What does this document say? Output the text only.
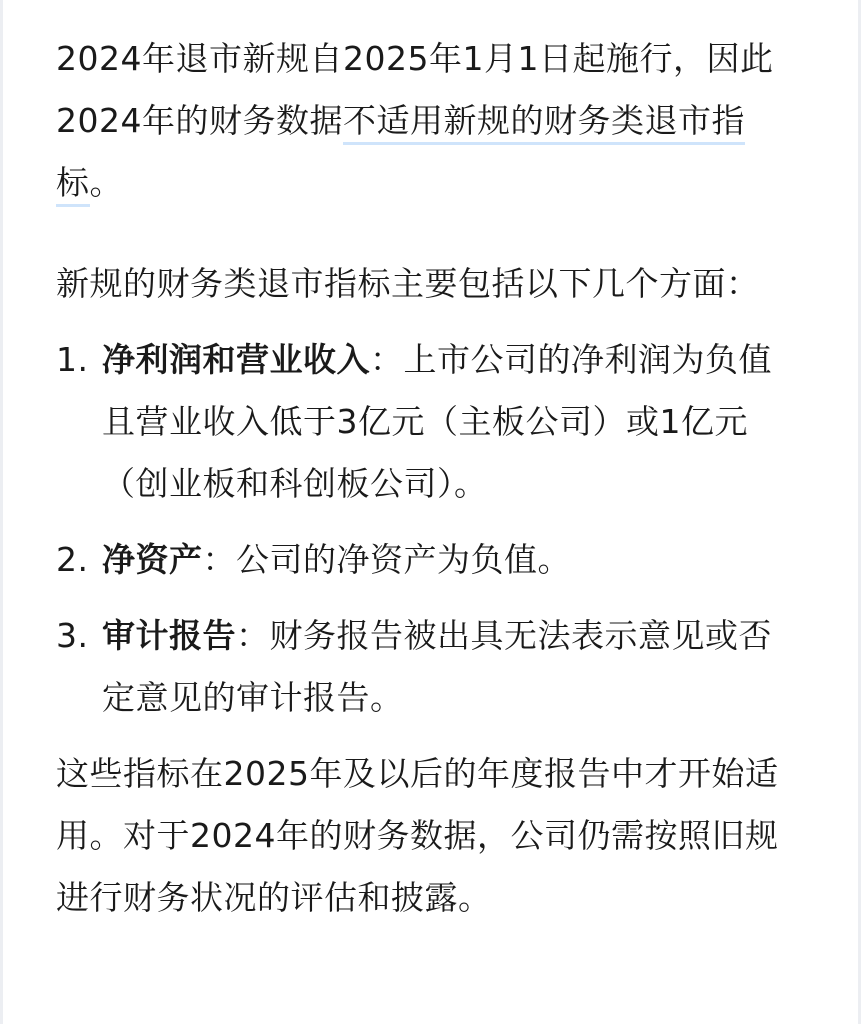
2024年退市新规自2025年1月1日起施行，因此2024年的财务数据不适用新规的财务类退市指标。

新规的财务类退市指标主要包括以下几个方面：

1. 净利润和营业收入：上市公司的净利润为负值且营业收入低于3亿元（主板公司）或1亿元（创业板和科创板公司）。
2. 净资产：公司的净资产为负值。
3. 审计报告：财务报告被出具无法表示意见或否定意见的审计报告。

这些指标在2025年及以后的年度报告中才开始适用。对于2024年的财务数据，公司仍需按照旧规进行财务状况的评估和披露。
